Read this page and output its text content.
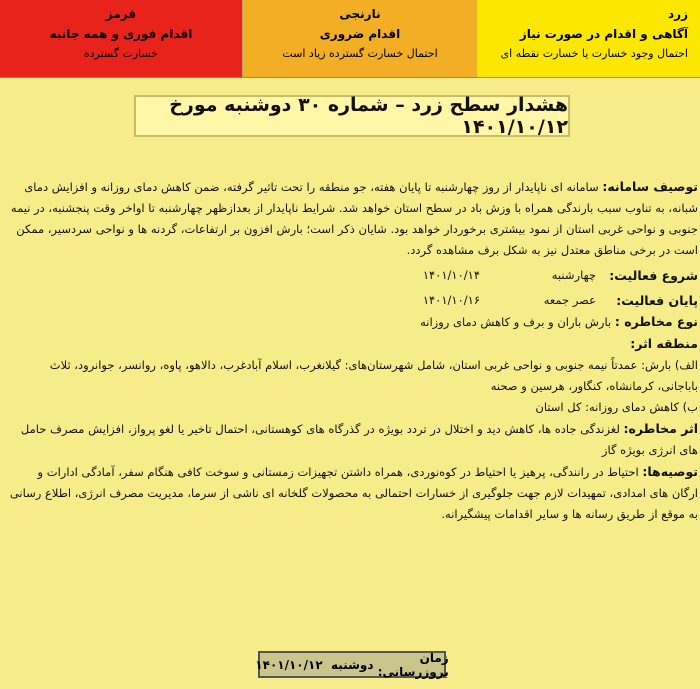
زرد
آگاهی و اقدام در صورت نیاز
احتمال وجود خسارت یا خسارت نقطه ای
نارنجی
اقدام ضروری
احتمال خسارت گسترده زیاد است
قرمز
اقدام فوری و همه جانبه
خسارت گسترده
هشدار سطح زرد – شماره ۳۰ دوشنبه مورخ ۱۴۰۱/۱۰/۱۲

توصیف سامانه: سامانه ای ناپایدار از روز چهارشنبه تا پایان هفته، جو منطقه را تحت تاثیر گرفته، ضمن کاهش دمای روزانه و افزایش دمای شبانه، به تناوب سبب بارندگی همراه با وزش باد در سطح استان خواهد شد. شرایط ناپایدار از بعدازظهر چهارشنبه تا اواخر وقت پنجشنبه، در نیمه جنوبی و نواحی غربی استان از نمود بیشتری برخوردار خواهد بود. شایان ذکر است؛ بارش افزون بر ارتفاعات، گردنه ها و نواحی سردسیر، ممکن است در برخی مناطق معتدل نیز به شکل برف مشاهده گردد.

شروع فعالیت:
چهارشنبه
۱۴۰۱/۱۰/۱۴
پایان فعالیت:
عصر جمعه
۱۴۰۱/۱۰/۱۶

نوع مخاطره : بارش باران و برف و کاهش دمای روزانه

منطقه اثر:

الف) بارش: عمدتاً نیمه جنوبی و نواحی غربی استان، شامل شهرستان‌های: گیلانغرب، اسلام آبادغرب، دالاهو، پاوه، روانسر، جوانرود، ثلاث باباجانی، کرمانشاه، کنگاور، هرسین و صحنه

ب) کاهش دمای روزانه: کل استان

اثر مخاطره: لغزندگی جاده ها، کاهش دید و اختلال در تردد بویژه در گذرگاه های کوهستانی، احتمال تاخیر یا لغو پرواز، افزایش مصرف حامل های انرژی بویژه گاز

توصیه‌ها: احتیاط در رانندگی، پرهیز یا احتیاط در کوه‌نوردی، همراه داشتن تجهیزات زمستانی و سوخت کافی هنگام سفر، آمادگی ادارات و ارگان های امدادی، تمهیدات لازم جهت جلوگیری از خسارات احتمالی به محصولات گلخانه ای ناشی از سرما، مدیریت مصرف انرژی، اطلاع رسانی به موقع از طریق رسانه ها و سایر اقدامات پیشگیرانه.

زمان بروزرسانی:

دوشنبه

۱۴۰۱/۱۰/۱۲
